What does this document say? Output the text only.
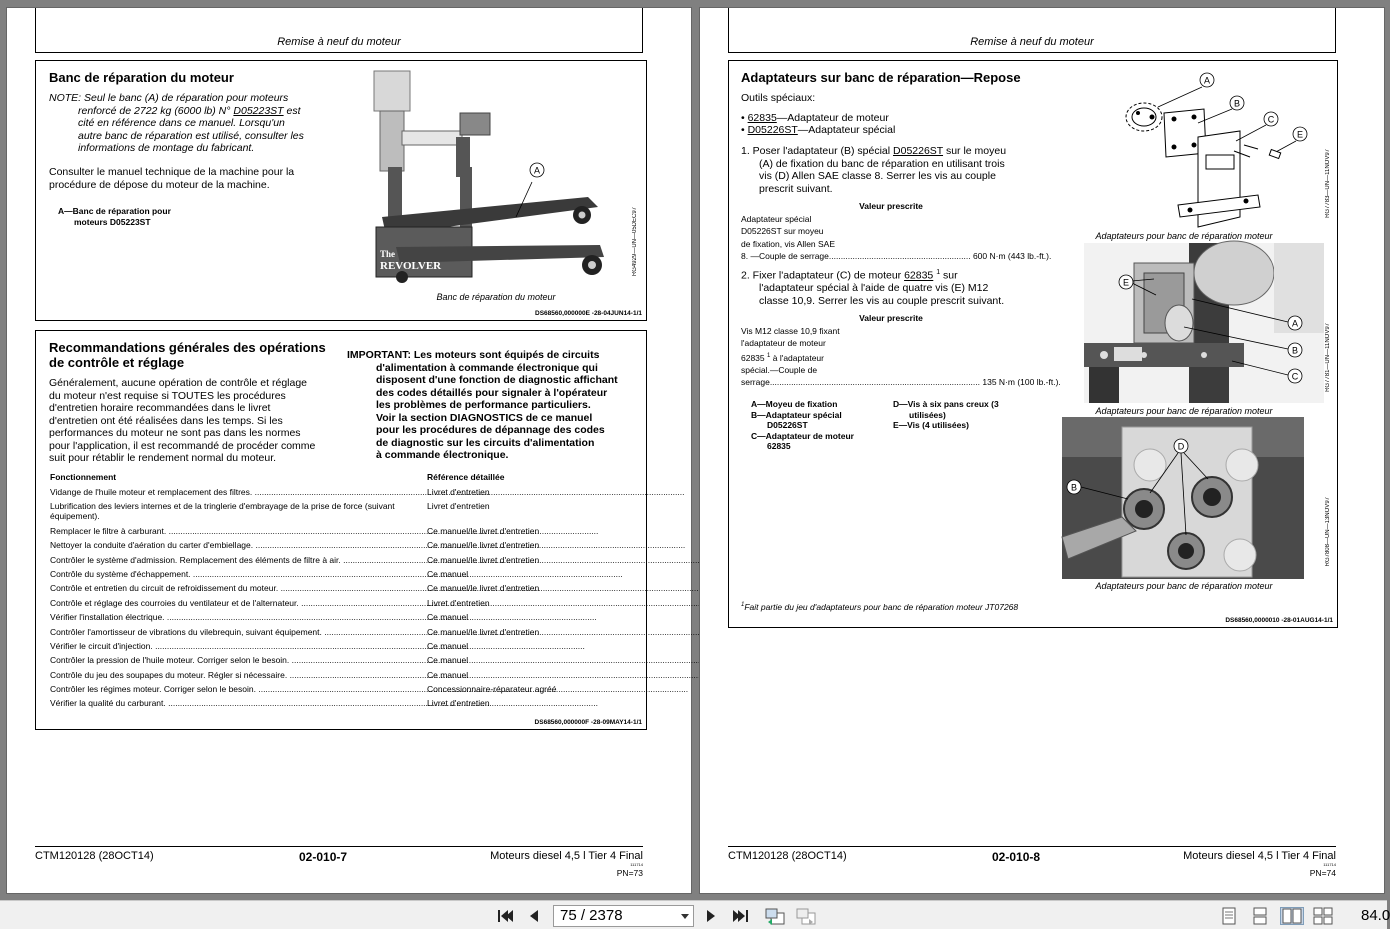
Remise à neuf du moteur
Banc de réparation du moteur
NOTE: Seul le banc (A) de réparation pour moteurs
renforcé de 2722 kg (6000 lb) N° D05223ST est
cité en référence dans ce manuel. Lorsqu'un
autre banc de réparation est utilisé, consulter les
informations de montage du fabricant.
Consulter le manuel technique de la machine pour la
procédure de dépose du moteur de la machine.
A—Banc de réparation pour
moteurs D05223ST
The
REVOLVER
A
RG4929—UN—05DEC97
Banc de réparation du moteur
DS68560,000000E -28-04JUN14-1/1
Recommandations générales des opérations
de contrôle et réglage
Généralement, aucune opération de contrôle et réglage
du moteur n'est requise si TOUTES les procédures
d'entretien horaire recommandées dans le livret
d'entretien ont été réalisées dans les temps. Si les
performances du moteur ne sont pas dans les normes
pour l'application, il est recommandé de procéder comme
suit pour rétablir le rendement normal du moteur.
IMPORTANT: Les moteurs sont équipés de circuits
d'alimentation à commande électronique qui
disposent d'une fonction de diagnostic affichant
des codes détaillés pour signaler à l'opérateur
les problèmes de performance particuliers.
Voir la section DIAGNOSTICS de ce manuel
pour les procédures de dépannage des codes
de diagnostic sur les circuits d'alimentation
à commande électronique.
Fonctionnement	Référence détaillée
Vidange de l'huile moteur et remplacement des filtres. .....	Livret d'entretien
Lubrification des leviers internes et de la tringlerie d'embrayage de la prise de force (suivant équipement).
Livret d'entretien
Remplacer le filtre à carburant. .....	Ce manuel/le livret d'entretien
Nettoyer la conduite d'aération du carter d'embiellage. .....	Ce manuel/le livret d'entretien
Contrôler le système d'admission. Remplacement des éléments de filtre à air. .....	Ce manuel/le livret d'entretien
Contrôle du système d'échappement. .....	Ce manuel
Contrôle et entretien du circuit de refroidissement du moteur. .....	Ce manuel/le livret d'entretien
Contrôle et réglage des courroies du ventilateur et de l'alternateur. .....	Livret d'entretien
Vérifier l'installation électrique. .....	Ce manuel
Contrôler l'amortisseur de vibrations du vilebrequin, suivant équipement. .....	Ce manuel/le livret d'entretien
Vérifier le circuit d'injection. .....	Ce manuel
Contrôler la pression de l'huile moteur. Corriger selon le besoin. .....	Ce manuel
Contrôle du jeu des soupapes du moteur. Régler si nécessaire. .....	Ce manuel
Contrôler les régimes moteur. Corriger selon le besoin. .....	Concessionnaire-réparateur agréé
Vérifier la qualité du carburant. .....	Livret d'entretien
DS68560,000000F -28-09MAY14-1/1
CTM120128 (28OCT14)	02-010-7	Moteurs diesel 4,5 l Tier 4 Final
111714
PN=73
Remise à neuf du moteur
Adaptateurs sur banc de réparation—Repose
Outils spéciaux:
• 62835—Adaptateur de moteur
• D05226ST—Adaptateur spécial
1. Poser l'adaptateur (B) spécial D05226ST sur le moyeu
(A) de fixation du banc de réparation en utilisant trois
vis (D) Allen SAE classe 8. Serrer les vis au couple
prescrit suivant.
Valeur prescrite
Adaptateur spécial
D05226ST sur moyeu
de fixation, vis Allen SAE
8. —Couple de serrage............................................................ 600 N·m (443 lb.-ft.).
2. Fixer l'adaptateur (C) de moteur 62835 $^1$ sur
l'adaptateur spécial à l'aide de quatre vis (E) M12
classe 10,9. Serrer les vis au couple prescrit suivant.
Valeur prescrite
Vis M12 classe 10,9 fixant
l'adaptateur de moteur
62835 $^1$ à l'adaptateur
spécial.—Couple de
serrage......................................................................................... 135 N·m (100 lb.-ft.).
A—Moyeu de fixation
B—Adaptateur spécial
D05226ST
C—Adaptateur de moteur
62835
D—Vis à six pans creux (3
utilisées)
E—Vis (4 utilisées)
A
B
C
E
RG7783—UN—11NOV97
Adaptateurs pour banc de réparation moteur
E
A
B
C	RG7781—UN—11NOV97
Adaptateurs pour banc de réparation moteur
D
B
RG7808—UN—13NOV97
Adaptateurs pour banc de réparation moteur
$^1$Fait partie du jeu d'adaptateurs pour banc de réparation moteur JT07268
DS68560,0000010 -28-01AUG14-1/1
CTM120128 (28OCT14)	02-010-8	Moteurs diesel 4,5 l Tier 4 Final
111714
PN=74
75 / 2378	84.0
